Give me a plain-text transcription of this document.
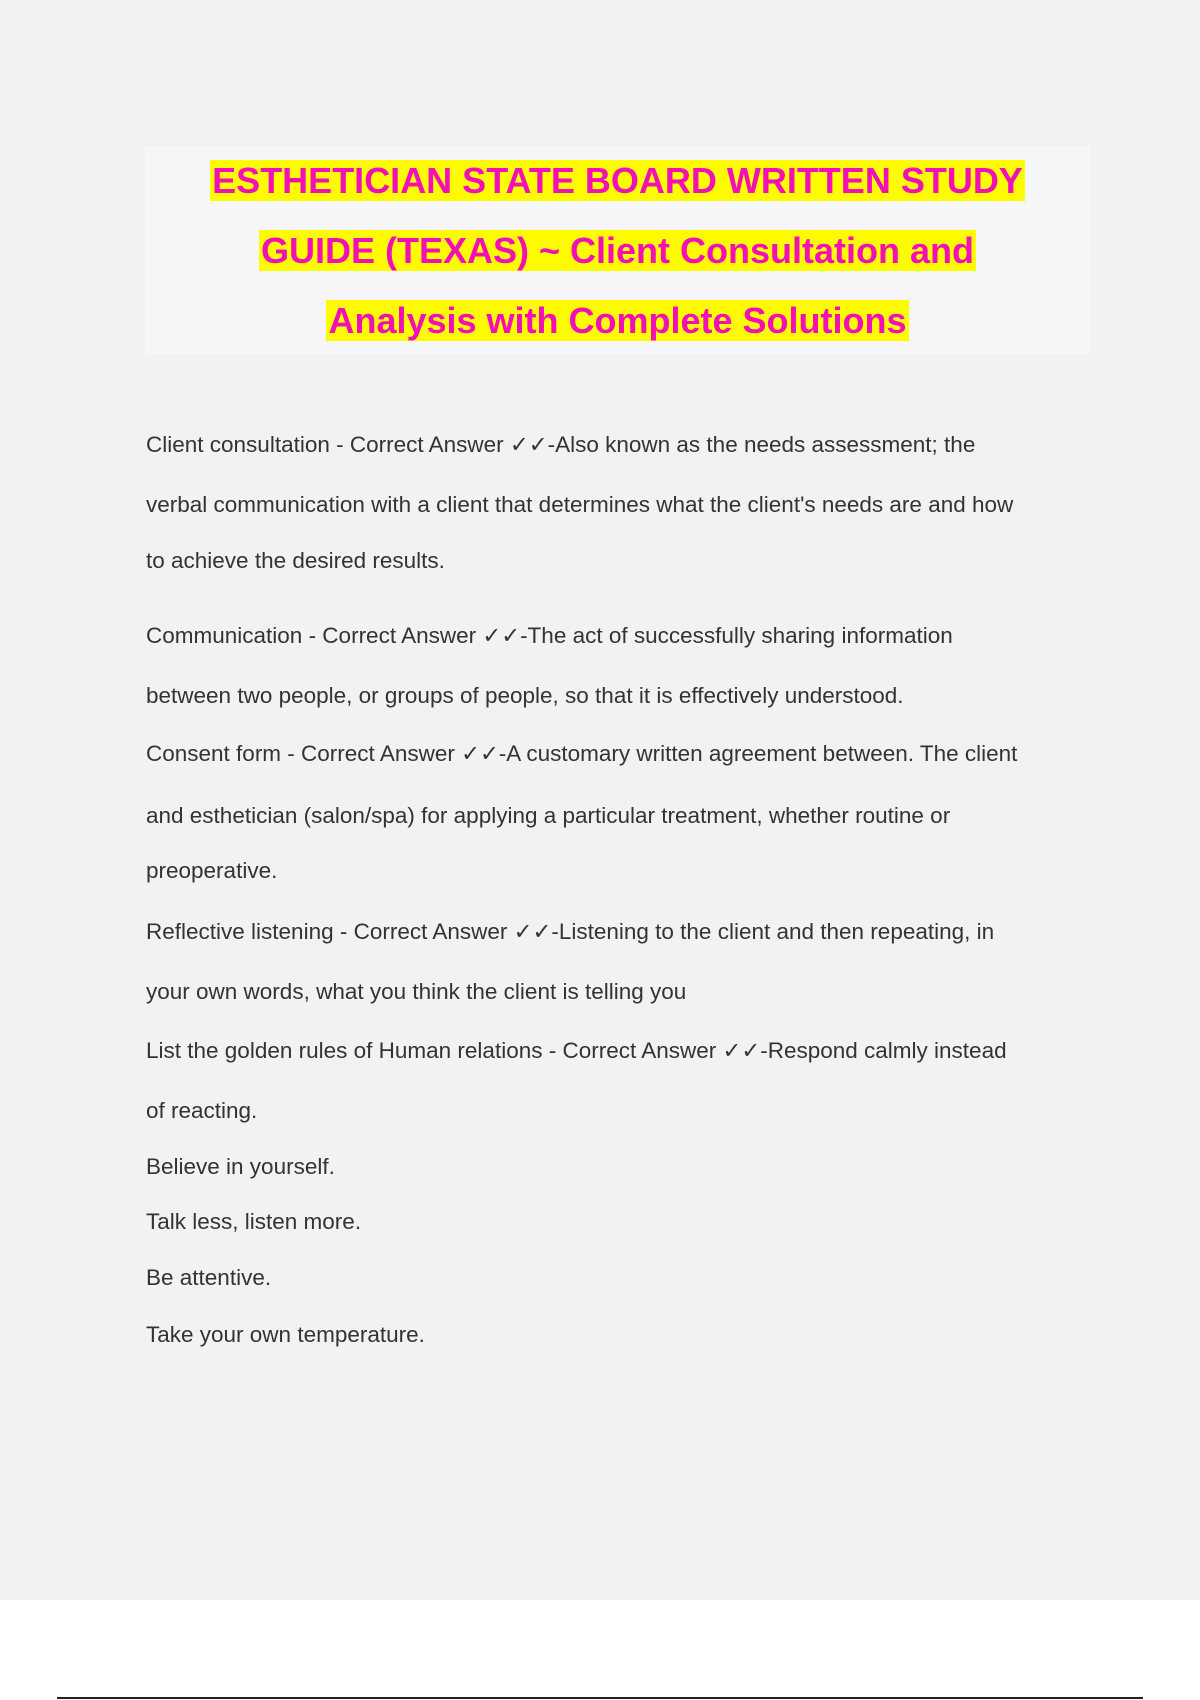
ESTHETICIAN STATE BOARD WRITTEN STUDY
GUIDE (TEXAS) ~ Client Consultation and
Analysis with Complete Solutions
Client consultation - Correct Answer ✓✓-Also known as the needs assessment; the
verbal communication with a client that determines what the client's needs are and how
to achieve the desired results.
Communication - Correct Answer ✓✓-The act of successfully sharing information
between two people, or groups of people, so that it is effectively understood.
Consent form - Correct Answer ✓✓-A customary written agreement between. The client
and esthetician (salon/spa) for applying a particular treatment, whether routine or
preoperative.
Reflective listening - Correct Answer ✓✓-Listening to the client and then repeating, in
your own words, what you think the client is telling you
List the golden rules of Human relations - Correct Answer ✓✓-Respond calmly instead
of reacting.
Believe in yourself.
Talk less, listen more.
Be attentive.
Take your own temperature.
